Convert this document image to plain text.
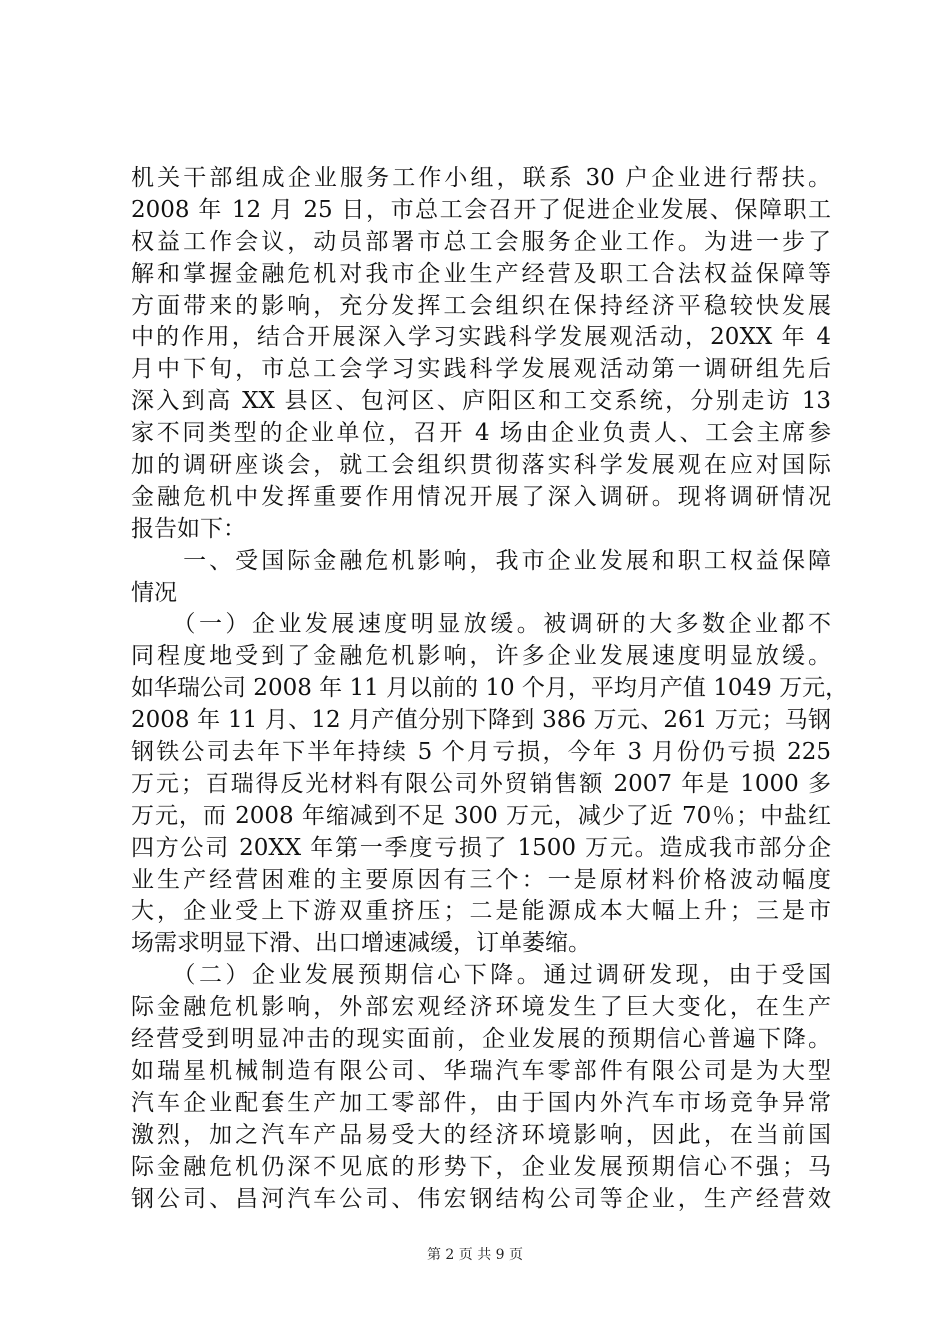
机关干部组成企业服务工作小组，联系 30 户企业进行帮扶。
2008 年 12 月 25 日，市总工会召开了促进企业发展、保障职工
权益工作会议，动员部署市总工会服务企业工作。为进一步了
解和掌握金融危机对我市企业生产经营及职工合法权益保障等
方面带来的影响，充分发挥工会组织在保持经济平稳较快发展
中的作用，结合开展深入学习实践科学发展观活动，20XX 年 4
月中下旬，市总工会学习实践科学发展观活动第一调研组先后
深入到高 XX 县区、包河区、庐阳区和工交系统，分别走访 13
家不同类型的企业单位，召开 4 场由企业负责人、工会主席参
加的调研座谈会，就工会组织贯彻落实科学发展观在应对国际
金融危机中发挥重要作用情况开展了深入调研。现将调研情况
报告如下：
　　一、受国际金融危机影响，我市企业发展和职工权益保障
情况
　　（一）企业发展速度明显放缓。被调研的大多数企业都不
同程度地受到了金融危机影响，许多企业发展速度明显放缓。
如华瑞公司 2008 年 11 月以前的 10 个月，平均月产值 1049 万元，
2008 年 11 月、12 月产值分别下降到 386 万元、261 万元；马钢
钢铁公司去年下半年持续 5 个月亏损，今年 3 月份仍亏损 225
万元；百瑞得反光材料有限公司外贸销售额 2007 年是 1000 多
万元，而 2008 年缩减到不足 300 万元，减少了近 70％；中盐红
四方公司 20XX 年第一季度亏损了 1500 万元。造成我市部分企
业生产经营困难的主要原因有三个：一是原材料价格波动幅度
大，企业受上下游双重挤压；二是能源成本大幅上升；三是市
场需求明显下滑、出口增速减缓，订单萎缩。
　　（二）企业发展预期信心下降。通过调研发现，由于受国
际金融危机影响，外部宏观经济环境发生了巨大变化，在生产
经营受到明显冲击的现实面前，企业发展的预期信心普遍下降。
如瑞星机械制造有限公司、华瑞汽车零部件有限公司是为大型
汽车企业配套生产加工零部件，由于国内外汽车市场竞争异常
激烈，加之汽车产品易受大的经济环境影响，因此，在当前国
际金融危机仍深不见底的形势下，企业发展预期信心不强；马
钢公司、昌河汽车公司、伟宏钢结构公司等企业，生产经营效
第 2 页 共 9 页
